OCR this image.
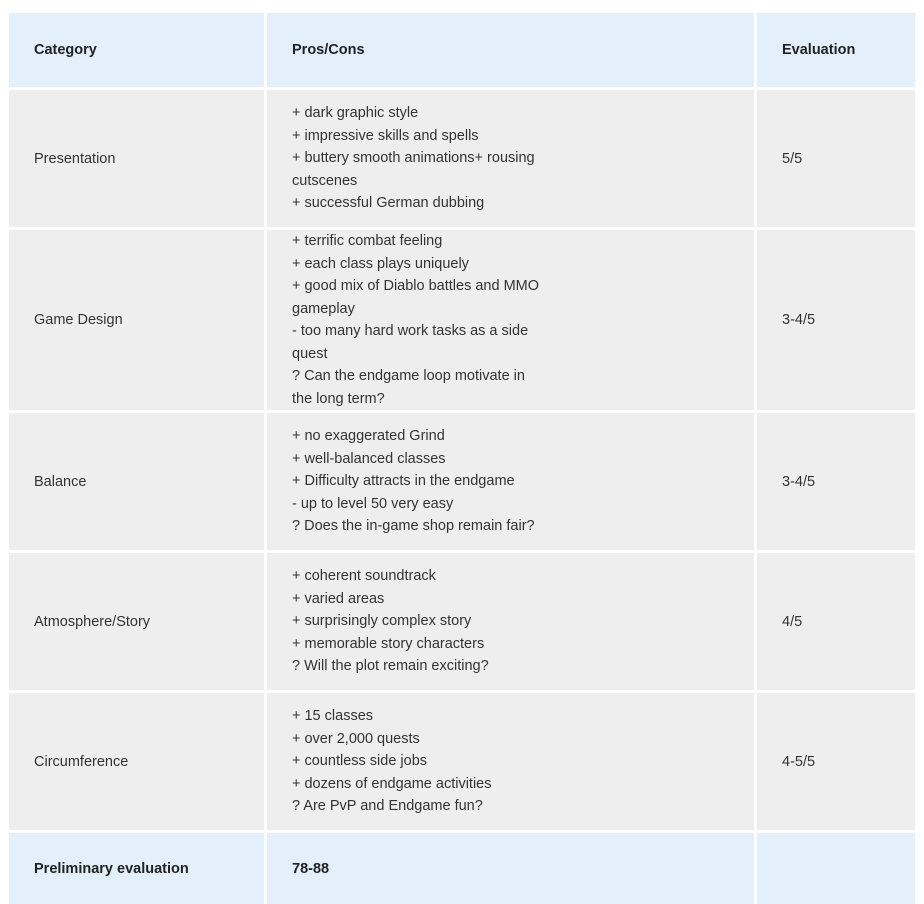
Category	Pros/Cons	Evaluation
Presentation	+ dark graphic style
+ impressive skills and spells
+ buttery smooth animations+ rousing cutscenes
+ successful German dubbing	5/5
Game Design	+ terrific combat feeling
+ each class plays uniquely
+ good mix of Diablo battles and MMO gameplay
- too many hard work tasks as a side quest
? Can the endgame loop motivate in the long term?	3-4/5
Balance	+ no exaggerated Grind
+ well-balanced classes
+ Difficulty attracts in the endgame
- up to level 50 very easy
? Does the in-game shop remain fair?	3-4/5
Atmosphere/Story	+ coherent soundtrack
+ varied areas
+ surprisingly complex story
+ memorable story characters
? Will the plot remain exciting?	4/5
Circumference	+ 15 classes
+ over 2,000 quests
+ countless side jobs
+ dozens of endgame activities
? Are PvP and Endgame fun?	4-5/5
Preliminary evaluation	78-88	
